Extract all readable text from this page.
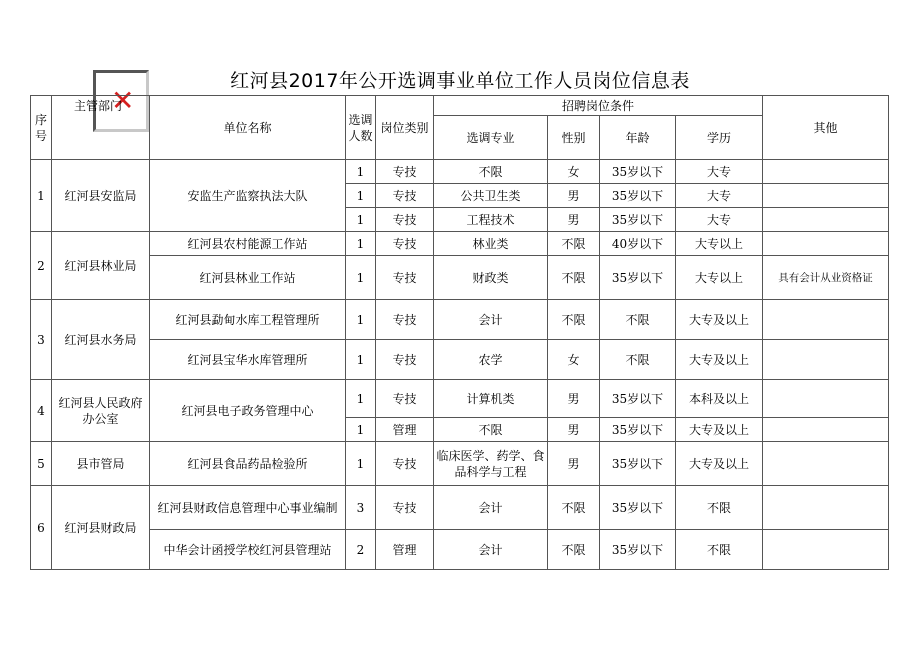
红河县2017年公开选调事业单位工作人员岗位信息表
✕
序号		单位名称	选调人数	岗位类别	招聘岗位条件				其他
					选调专业	性别	年龄	学历	
1	红河县安监局	安监生产监察执法大队	1	专技	不限	女	35岁以下	大专	
			1	专技	公共卫生类	男	35岁以下	大专	
			1	专技	工程技术	男	35岁以下	大专	
2	红河县林业局	红河县农村能源工作站	1	专技	林业类	不限	40岁以下	大专以上	
		红河县林业工作站	1	专技	财政类	不限	35岁以下	大专以上	具有会计从业资格证
3	红河县水务局	红河县勐甸水库工程管理所	1	专技	会计	不限	不限	大专及以上	
		红河县宝华水库管理所	1	专技	农学	女	不限	大专及以上	
4	红河县人民政府办公室	红河县电子政务管理中心	1	专技	计算机类	男	35岁以下	本科及以上	
			1	管理	不限	男	35岁以下	大专及以上	
5	县市管局	红河县食品药品检验所	1	专技	临床医学、药学、食品科学与工程	男	35岁以下	大专及以上	
6	红河县财政局	红河县财政信息管理中心事业编制	3	专技	会计	不限	35岁以下	不限	
		中华会计函授学校红河县管理站	2	管理	会计	不限	35岁以下	不限	
主管部门
